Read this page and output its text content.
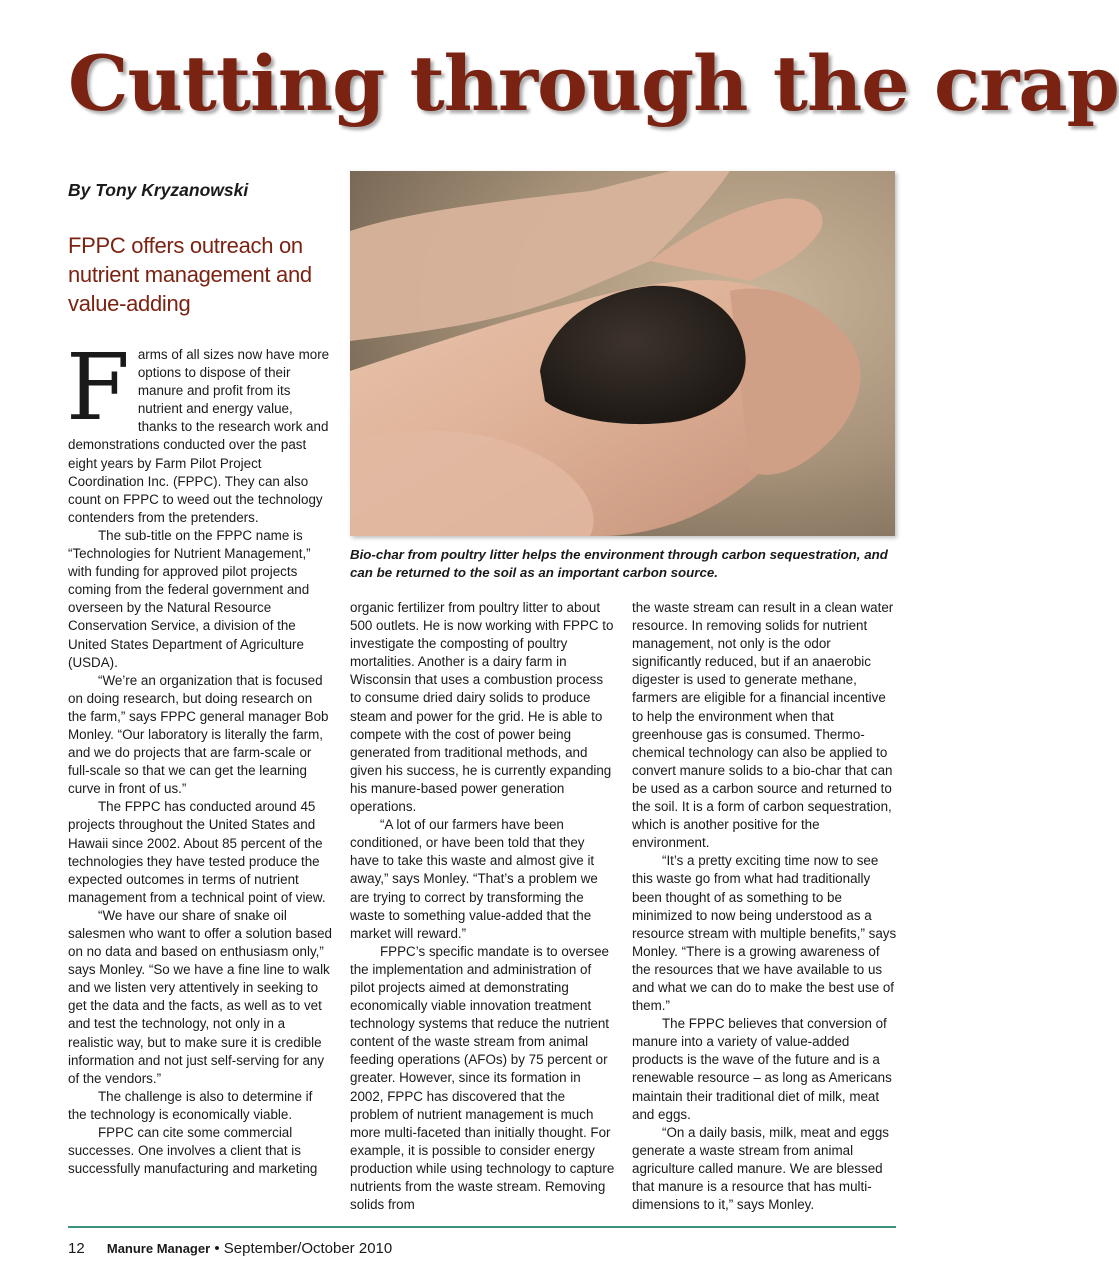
Cutting through the crap
By Tony Kryzanowski
FPPC offers outreach on nutrient management and value-adding
Bio-char from poultry litter helps the environment through carbon sequestration, and can be returned to the soil as an important carbon source.

Farms of all sizes now have more options to dispose of their manure and profit from its nutrient and energy value, thanks to the research work and demonstrations conducted over the past eight years by Farm Pilot Project Coordination Inc. (FPPC). They can also count on FPPC to weed out the technology contenders from the pretenders.

The sub-title on the FPPC name is “Technologies for Nutrient Management,” with funding for approved pilot projects coming from the federal government and overseen by the Natural Resource Conservation Service, a division of the United States Department of Agriculture (USDA).

“We’re an organization that is focused on doing research, but doing research on the farm,” says FPPC general manager Bob Monley. “Our laboratory is literally the farm, and we do projects that are farm-scale or full-scale so that we can get the learning curve in front of us.”

The FPPC has conducted around 45 projects throughout the United States and Hawaii since 2002. About 85 percent of the technologies they have tested produce the expected outcomes in terms of nutrient management from a technical point of view.

“We have our share of snake oil salesmen who want to offer a solution based on no data and based on enthusiasm only,” says Monley. “So we have a fine line to walk and we listen very attentively in seeking to get the data and the facts, as well as to vet and test the technology, not only in a realistic way, but to make sure it is credible information and not just self-serving for any of the vendors.”

The challenge is also to determine if the technology is economically viable.

FPPC can cite some commercial successes. One involves a client that is successfully manufacturing and marketing

organic fertilizer from poultry litter to about 500 outlets. He is now working with FPPC to investigate the composting of poultry mortalities. Another is a dairy farm in Wisconsin that uses a combustion process to consume dried dairy solids to produce steam and power for the grid. He is able to compete with the cost of power being generated from traditional methods, and given his success, he is currently expanding his manure-based power generation operations.

“A lot of our farmers have been conditioned, or have been told that they have to take this waste and almost give it away,” says Monley. “That’s a problem we are trying to correct by transforming the waste to something value-added that the market will reward.”

FPPC’s specific mandate is to oversee the implementation and administration of pilot projects aimed at demonstrating economically viable innovation treatment technology systems that reduce the nutrient content of the waste stream from animal feeding operations (AFOs) by 75 percent or greater. However, since its formation in 2002, FPPC has discovered that the problem of nutrient management is much more multi-faceted than initially thought. For example, it is possible to consider energy production while using technology to capture nutrients from the waste stream. Removing solids from

the waste stream can result in a clean water resource. In removing solids for nutrient management, not only is the odor significantly reduced, but if an anaerobic digester is used to generate methane, farmers are eligible for a financial incentive to help the environment when that greenhouse gas is consumed. Thermo-chemical technology can also be applied to convert manure solids to a bio-char that can be used as a carbon source and returned to the soil. It is a form of carbon sequestration, which is another positive for the environment.

“It’s a pretty exciting time now to see this waste go from what had traditionally been thought of as something to be minimized to now being understood as a resource stream with multiple benefits,” says Monley. “There is a growing awareness of the resources that we have available to us and what we can do to make the best use of them.”

The FPPC believes that conversion of manure into a variety of value-added products is the wave of the future and is a renewable resource – as long as Americans maintain their traditional diet of milk, meat and eggs.

“On a daily basis, milk, meat and eggs generate a waste stream from animal agriculture called manure. We are blessed that manure is a resource that has multi-dimensions to it,” says Monley.

12 Manure Manager • September/October 2010
